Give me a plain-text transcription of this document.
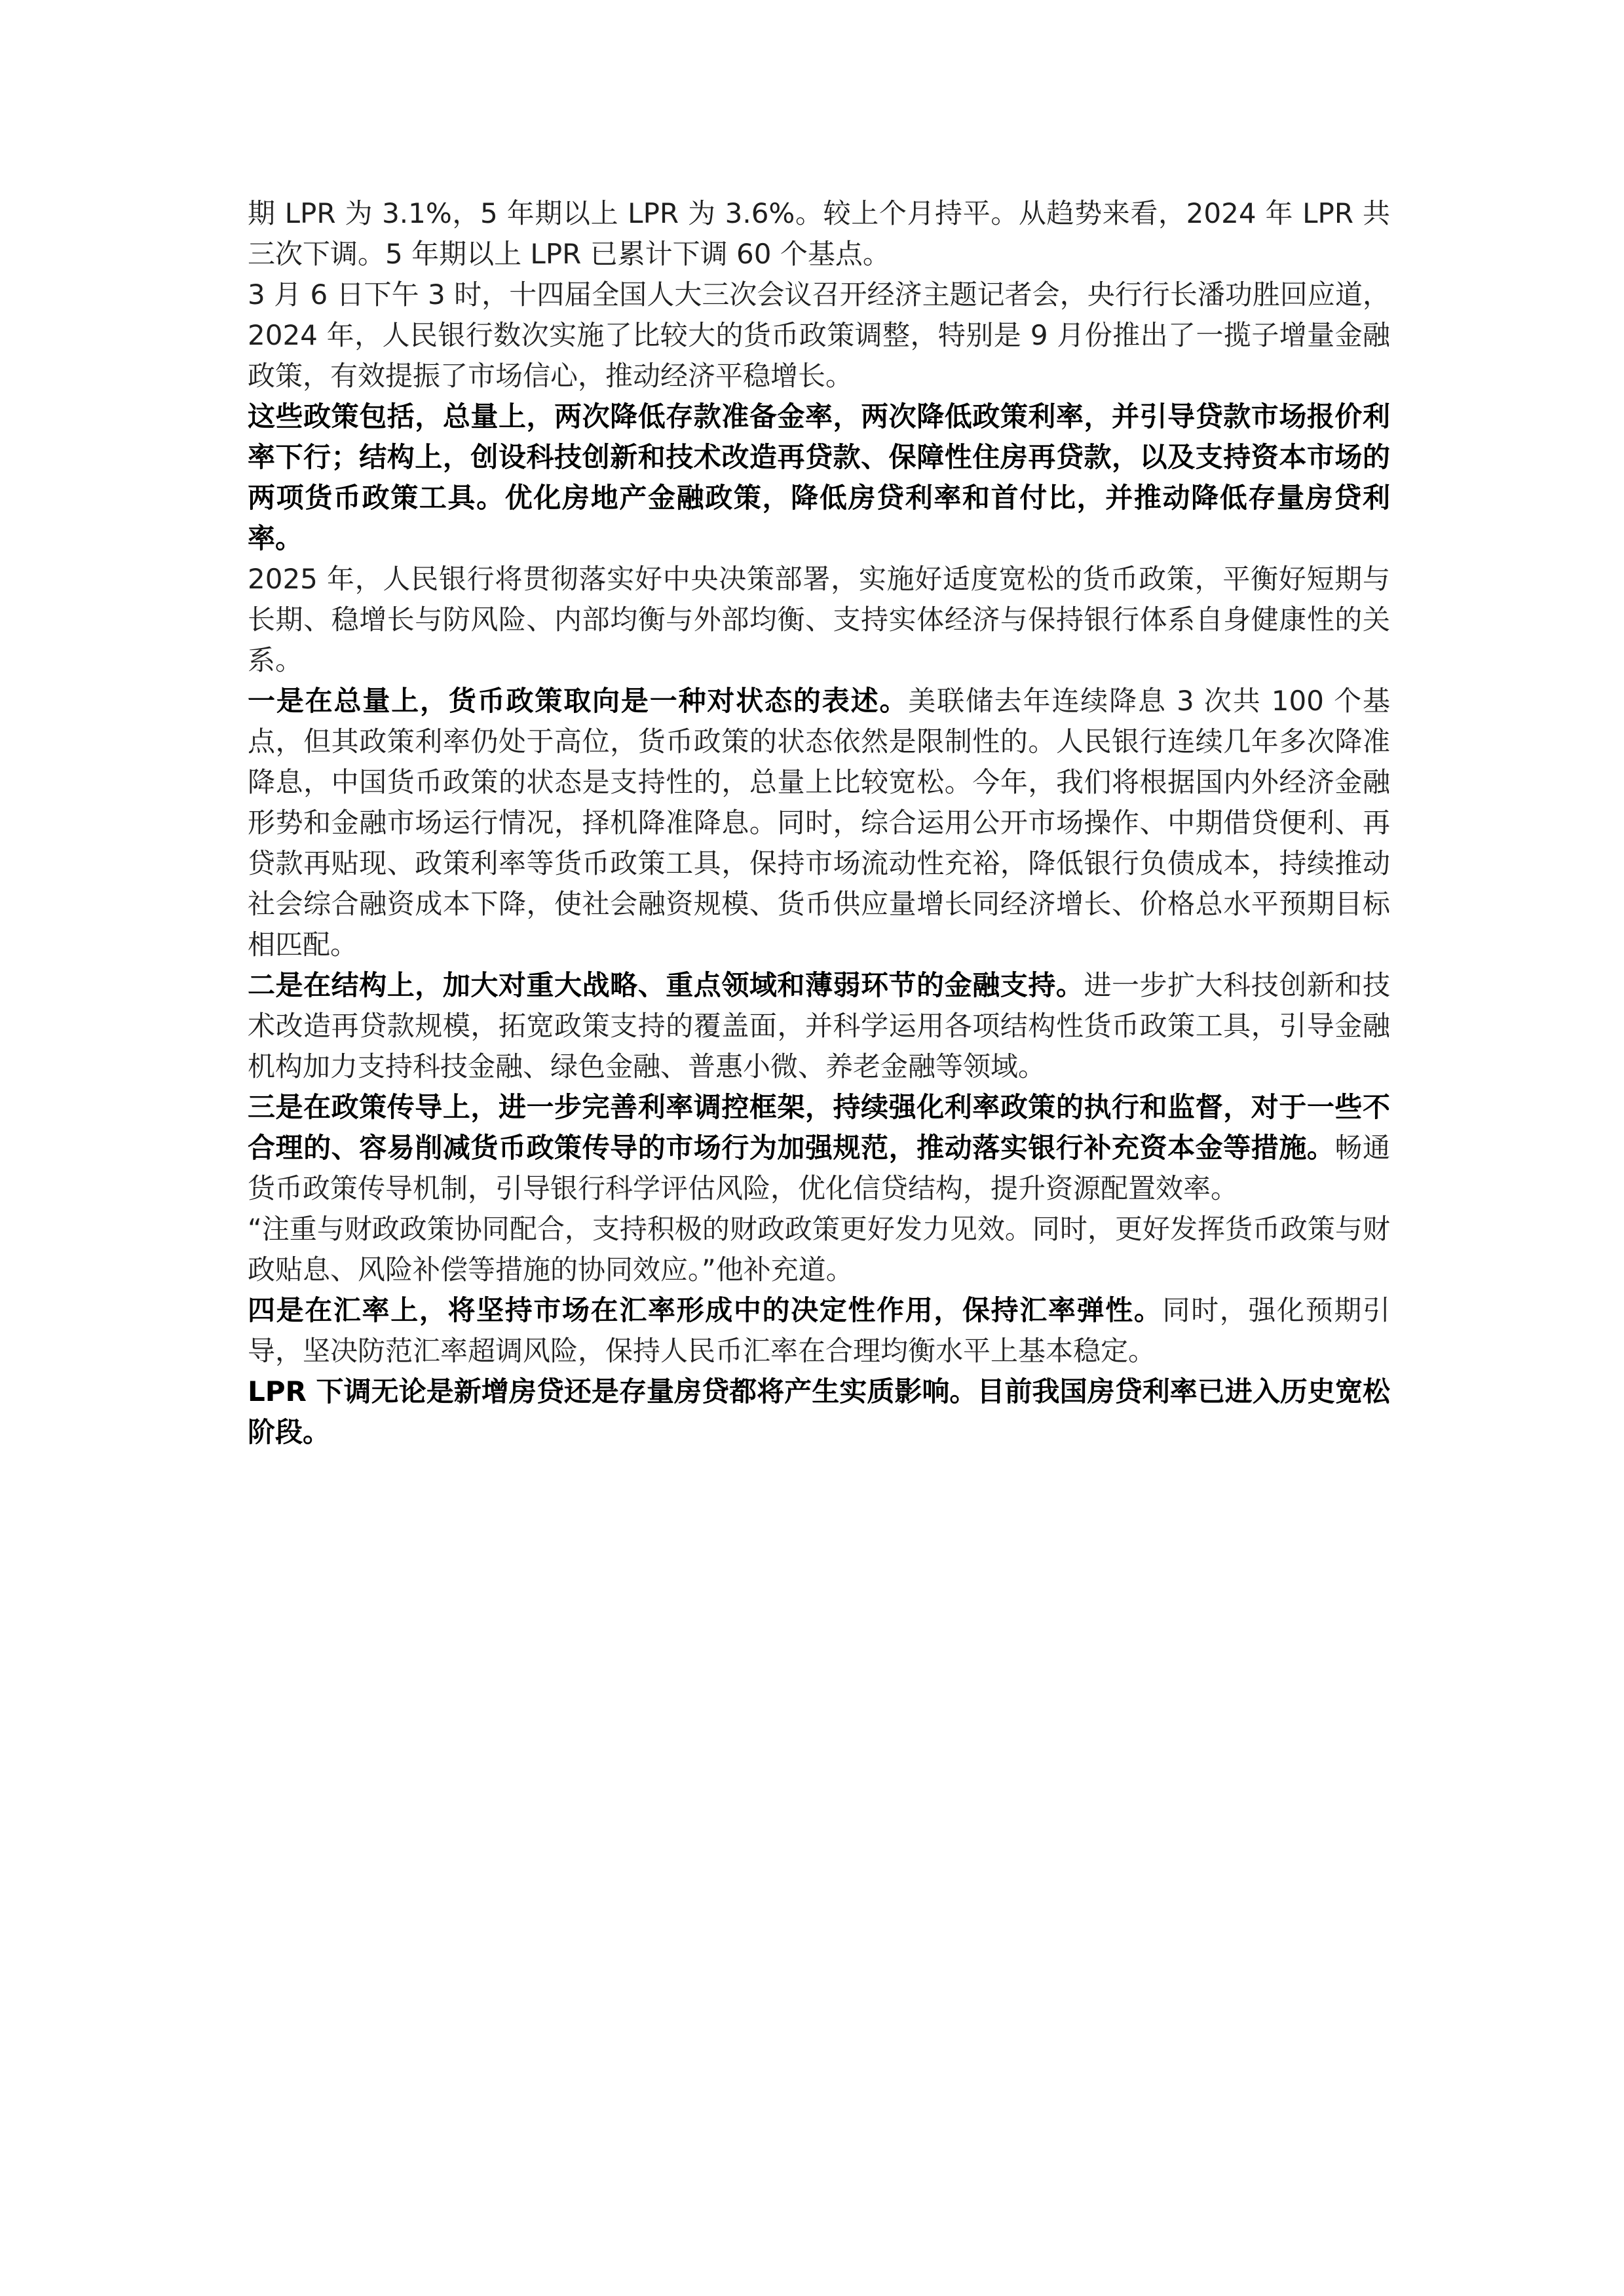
期 LPR 为 3.1%，5 年期以上 LPR 为 3.6%。较上个月持平。从趋势来看，2024 年 LPR 共三次下调。5 年期以上 LPR 已累计下调 60 个基点。

3 月 6 日下午 3 时，十四届全国人大三次会议召开经济主题记者会，央行行长潘功胜回应道，2024 年，人民银行数次实施了比较大的货币政策调整，特别是 9 月份推出了一揽子增量金融政策，有效提振了市场信心，推动经济平稳增长。

这些政策包括，总量上，两次降低存款准备金率，两次降低政策利率，并引导贷款市场报价利率下行；结构上，创设科技创新和技术改造再贷款、保障性住房再贷款，以及支持资本市场的两项货币政策工具。优化房地产金融政策，降低房贷利率和首付比，并推动降低存量房贷利率。

2025 年，人民银行将贯彻落实好中央决策部署，实施好适度宽松的货币政策，平衡好短期与长期、稳增长与防风险、内部均衡与外部均衡、支持实体经济与保持银行体系自身健康性的关系。

一是在总量上，货币政策取向是一种对状态的表述。美联储去年连续降息 3 次共 100 个基点，但其政策利率仍处于高位，货币政策的状态依然是限制性的。人民银行连续几年多次降准降息，中国货币政策的状态是支持性的，总量上比较宽松。今年，我们将根据国内外经济金融形势和金融市场运行情况，择机降准降息。同时，综合运用公开市场操作、中期借贷便利、再贷款再贴现、政策利率等货币政策工具，保持市场流动性充裕，降低银行负债成本，持续推动社会综合融资成本下降，使社会融资规模、货币供应量增长同经济增长、价格总水平预期目标相匹配。

二是在结构上，加大对重大战略、重点领域和薄弱环节的金融支持。进一步扩大科技创新和技术改造再贷款规模，拓宽政策支持的覆盖面，并科学运用各项结构性货币政策工具，引导金融机构加力支持科技金融、绿色金融、普惠小微、养老金融等领域。

三是在政策传导上，进一步完善利率调控框架，持续强化利率政策的执行和监督，对于一些不合理的、容易削减货币政策传导的市场行为加强规范，推动落实银行补充资本金等措施。畅通货币政策传导机制，引导银行科学评估风险，优化信贷结构，提升资源配置效率。

“注重与财政政策协同配合，支持积极的财政政策更好发力见效。同时，更好发挥货币政策与财政贴息、风险补偿等措施的协同效应。”他补充道。

四是在汇率上，将坚持市场在汇率形成中的决定性作用，保持汇率弹性。同时，强化预期引导，坚决防范汇率超调风险，保持人民币汇率在合理均衡水平上基本稳定。

LPR 下调无论是新增房贷还是存量房贷都将产生实质影响。目前我国房贷利率已进入历史宽松阶段。
